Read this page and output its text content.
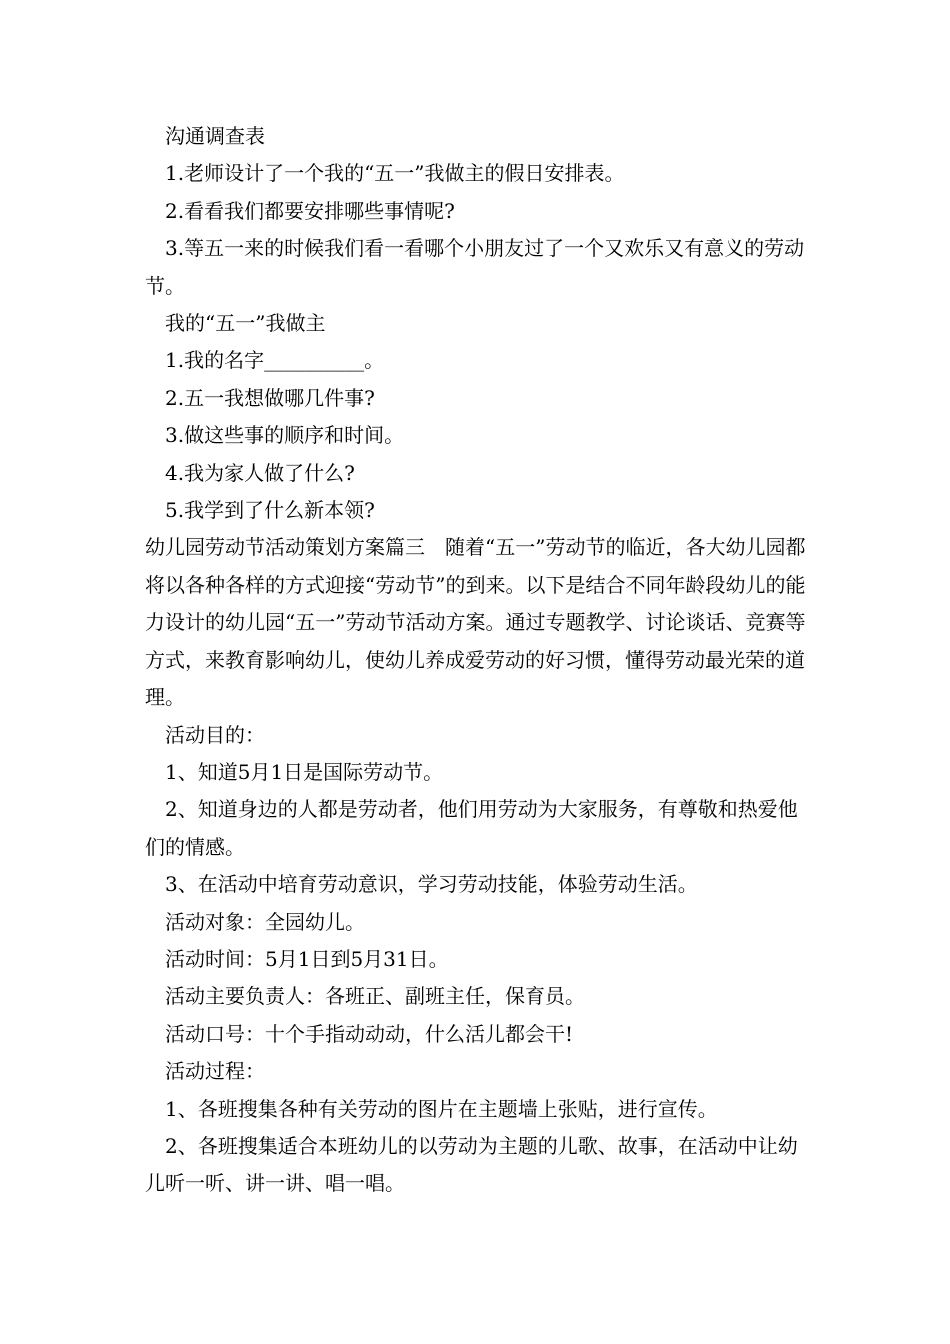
沟通调查表

1.老师设计了一个我的“五一”我做主的假日安排表。

2.看看我们都要安排哪些事情呢?

3.等五一来的时候我们看一看哪个小朋友过了一个又欢乐又有意义的劳动节。

我的“五一”我做主

1.我的名字__________。

2.五一我想做哪几件事?

3.做这些事的顺序和时间。

4.我为家人做了什么?

5.我学到了什么新本领?

幼儿园劳动节活动策划方案篇三　随着“五一”劳动节的临近，各大幼儿园都将以各种各样的方式迎接“劳动节”的到来。以下是结合不同年龄段幼儿的能力设计的幼儿园“五一”劳动节活动方案。通过专题教学、讨论谈话、竞赛等方式，来教育影响幼儿，使幼儿养成爱劳动的好习惯，懂得劳动最光荣的道理。

活动目的：

1、知道5月1日是国际劳动节。

2、知道身边的人都是劳动者，他们用劳动为大家服务，有尊敬和热爱他们的情感。

3、在活动中培育劳动意识，学习劳动技能，体验劳动生活。

活动对象：全园幼儿。

活动时间：5月1日到5月31日。

活动主要负责人：各班正、副班主任，保育员。

活动口号：十个手指动动动，什么活儿都会干!

活动过程：

1、各班搜集各种有关劳动的图片在主题墙上张贴，进行宣传。

2、各班搜集适合本班幼儿的以劳动为主题的儿歌、故事，在活动中让幼儿听一听、讲一讲、唱一唱。
